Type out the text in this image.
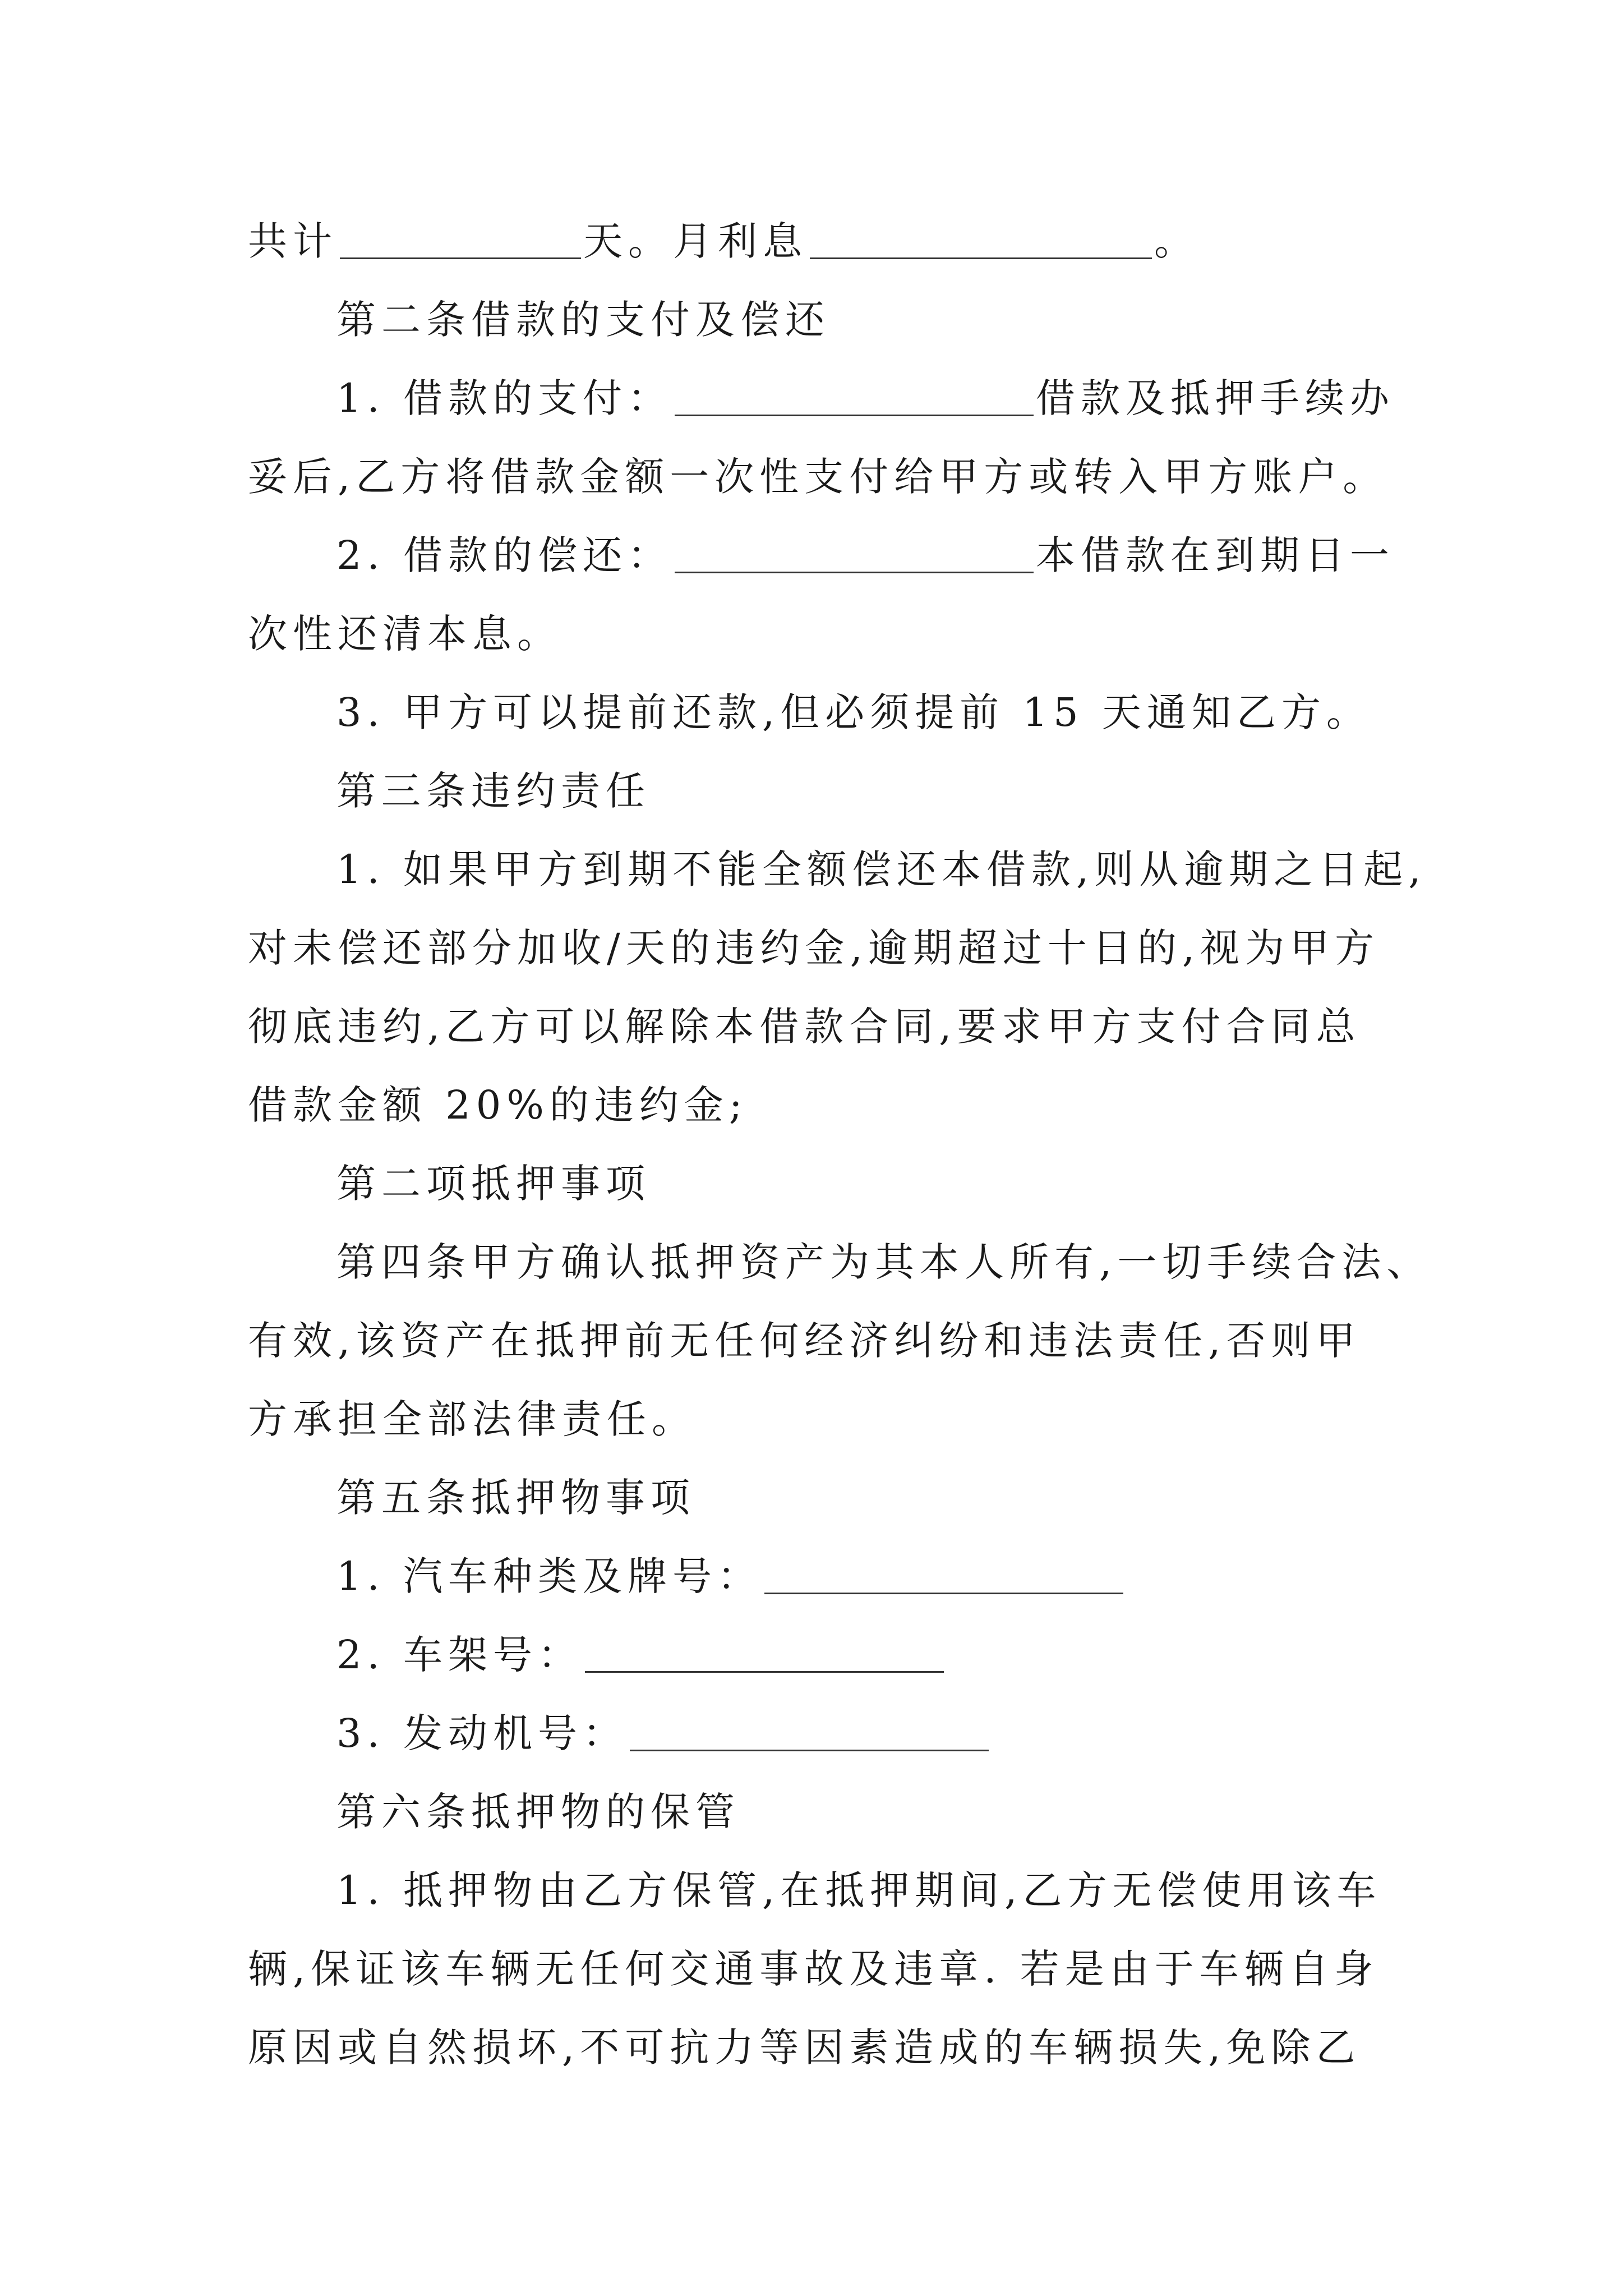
共计	天。月利息	。
第二条借款的支付及偿还
1. 借款的支付：	借款及抵押手续办
妥后,乙方将借款金额一次性支付给甲方或转入甲方账户。
2. 借款的偿还：	本借款在到期日一
次性还清本息。
3. 甲方可以提前还款,但必须提前 15 天通知乙方。
第三条违约责任
1. 如果甲方到期不能全额偿还本借款,则从逾期之日起,
对未偿还部分加收/天的违约金,逾期超过十日的,视为甲方
彻底违约,乙方可以解除本借款合同,要求甲方支付合同总
借款金额 20%的违约金;
第二项抵押事项
第四条甲方确认抵押资产为其本人所有,一切手续合法、
有效,该资产在抵押前无任何经济纠纷和违法责任,否则甲
方承担全部法律责任。
第五条抵押物事项
1. 汽车种类及牌号：
2. 车架号：
3. 发动机号：
第六条抵押物的保管
1. 抵押物由乙方保管,在抵押期间,乙方无偿使用该车
辆,保证该车辆无任何交通事故及违章. 若是由于车辆自身
原因或自然损坏,不可抗力等因素造成的车辆损失,免除乙
